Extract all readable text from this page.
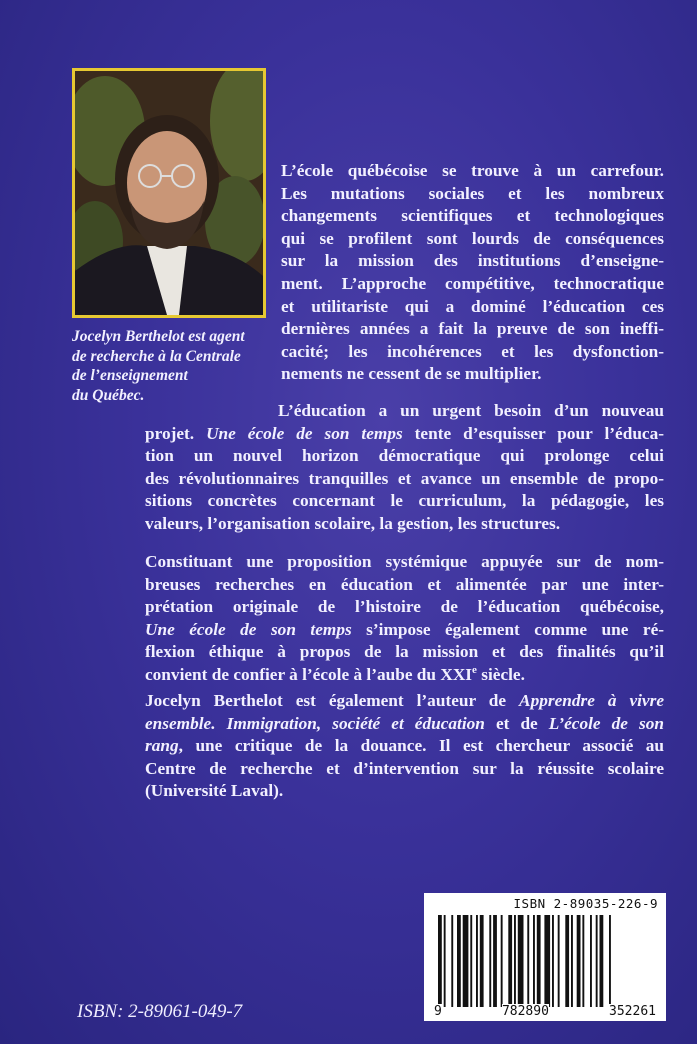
Jocelyn Berthelot est agent
de recherche à la Centrale
de l’enseignement
du Québec.
L’école québécoise se trouve à un carrefour.
Les mutations sociales et les nombreux
changements scientifiques et technologiques
qui se profilent sont lourds de conséquences
sur la mission des institutions d’enseigne-
ment. L’approche compétitive, technocratique
et utilitariste qui a dominé l’éducation ces
dernières années a fait la preuve de son ineffi-
cacité; les incohérences et les dysfonction-
nements ne cessent de se multiplier.
L’éducation a un urgent besoin d’un nouveau
projet. Une école de son temps tente d’esquisser pour l’éduca-
tion un nouvel horizon démocratique qui prolonge celui
des révolutionnaires tranquilles et avance un ensemble de propo-
sitions concrètes concernant le curriculum, la pédagogie, les
valeurs, l’organisation scolaire, la gestion, les structures.
Constituant une proposition systémique appuyée sur de nom-
breuses recherches en éducation et alimentée par une inter-
prétation originale de l’histoire de l’éducation québécoise,
Une école de son temps s’impose également comme une ré-
flexion éthique à propos de la mission et des finalités qu’il
convient de confier à l’école à l’aube du XXIe siècle.
Jocelyn Berthelot est également l’auteur de Apprendre à vivre
ensemble. Immigration, société et éducation et de L’école de son
rang, une critique de la douance. Il est chercheur associé au
Centre de recherche et d’intervention sur la réussite scolaire
(Université Laval).
ISBN 2-89035-226-9
9	782890	352261
ISBN: 2-89061-049-7
